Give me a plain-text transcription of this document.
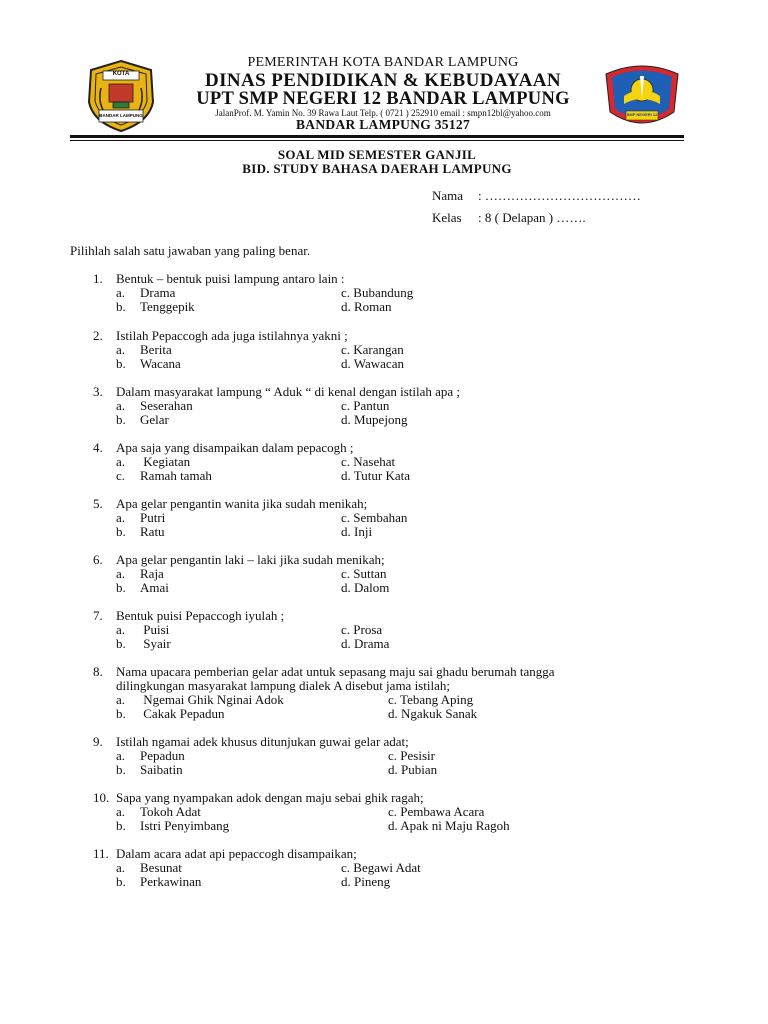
KOTA
BANDAR LAMPUNG	SMP NEGERI 12
PEMERINTAH KOTA BANDAR LAMPUNG
DINAS PENDIDIKAN & KEBUDAYAAN
UPT SMP NEGERI 12 BANDAR LAMPUNG
JalanProf. M. Yamin No. 39 Rawa Laut Telp. ( 0721 ) 252910 email : smpn12bl@yahoo.com
BANDAR LAMPUNG 35127
SOAL MID SEMESTER GANJIL
BID. STUDY BAHASA DAERAH LAMPUNG
Nama : ………………………………
Kelas : 8 ( Delapan ) …….
Pilihlah salah satu jawaban yang paling benar.
1. Bentuk – bentuk puisi lampung antaro lain :
a. Drama
b. Tenggepik
c. Bubandung
d. Roman
2. Istilah Pepaccogh ada juga istilahnya yakni ;
a. Berita
b. Wacana
c. Karangan
d. Wawacan
3. Dalam masyarakat lampung “ Aduk “ di kenal dengan istilah apa ;
a. Seserahan
b. Gelar
c. Pantun
d. Mupejong
4. Apa saja yang disampaikan dalam pepacogh ;
a. Kegiatan
c. Ramah tamah
c. Nasehat
d. Tutur Kata
5. Apa gelar pengantin wanita jika sudah menikah;
a. Putri
b. Ratu
c. Sembahan
d. Inji
6. Apa gelar pengantin laki – laki jika sudah menikah;
a. Raja
b. Amai
c. Suttan
d. Dalom
7. Bentuk puisi Pepaccogh iyulah ;
a. Puisi
b. Syair
c. Prosa
d. Drama
8. Nama upacara pemberian gelar adat untuk sepasang maju sai ghadu berumah tangga
dilingkungan masyarakat lampung dialek A disebut jama istilah;
a. Ngemai Ghik Nginai Adok
b. Cakak Pepadun
c. Tebang Aping
d. Ngakuk Sanak
9. Istilah ngamai adek khusus ditunjukan guwai gelar adat;
a. Pepadun
b. Saibatin
c. Pesisir
d. Pubian
10. Sapa yang nyampakan adok dengan maju sebai ghik ragah;
a. Tokoh Adat
b. Istri Penyimbang
c. Pembawa Acara
d. Apak ni Maju Ragoh
11. Dalam acara adat api pepaccogh disampaikan;
a. Besunat
b. Perkawinan
c. Begawi Adat
d. Pineng
